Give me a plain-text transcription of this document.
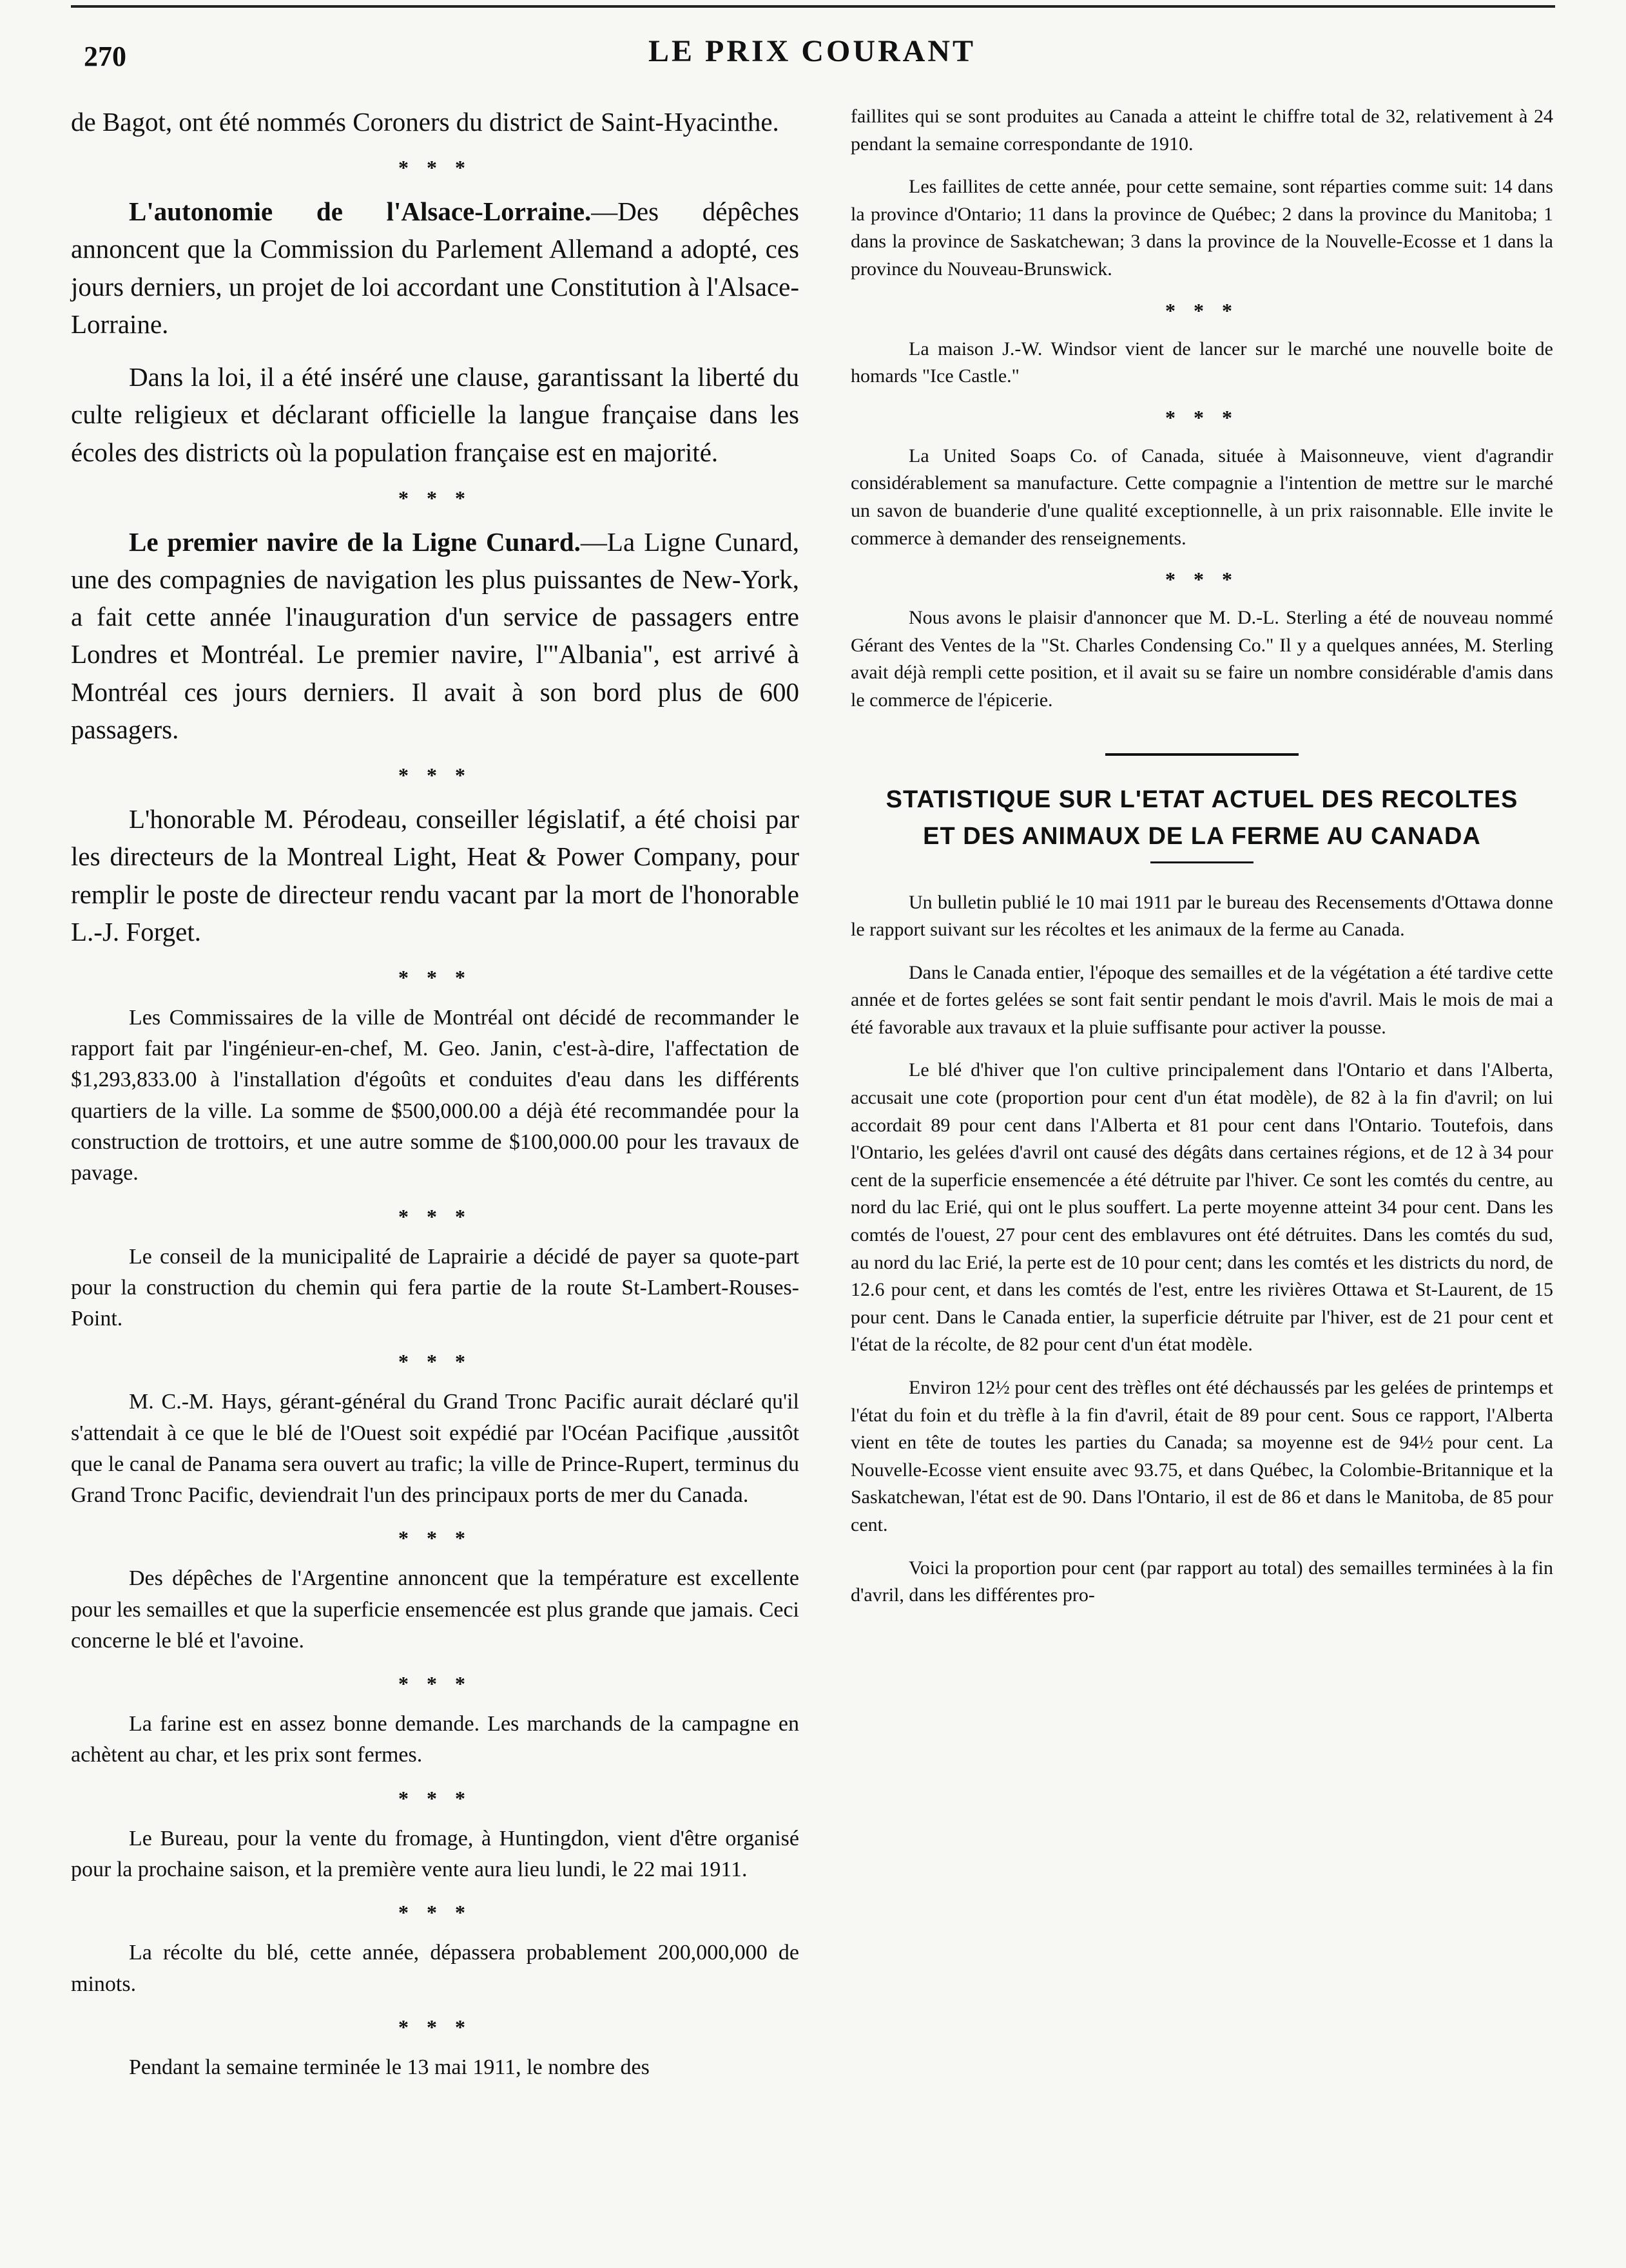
270	LE PRIX COURANT

de Bagot, ont été nommés Coroners du district de Saint-Hyacinthe.

* * *

L'autonomie de l'Alsace-Lorraine.—Des dépêches annoncent que la Commission du Parlement Allemand a adopté, ces jours derniers, un projet de loi accordant une Constitution à l'Alsace-Lorraine.

Dans la loi, il a été inséré une clause, garantissant la liberté du culte religieux et déclarant officielle la langue française dans les écoles des districts où la population française est en majorité.

* * *

Le premier navire de la Ligne Cunard.—La Ligne Cunard, une des compagnies de navigation les plus puissantes de New-York, a fait cette année l'inauguration d'un service de passagers entre Londres et Montréal. Le premier navire, l'"Albania", est arrivé à Montréal ces jours derniers. Il avait à son bord plus de 600 passagers.

* * *

L'honorable M. Pérodeau, conseiller législatif, a été choisi par les directeurs de la Montreal Light, Heat & Power Company, pour remplir le poste de directeur rendu vacant par la mort de l'honorable L.-J. Forget.

* * *

Les Commissaires de la ville de Montréal ont décidé de recommander le rapport fait par l'ingénieur-en-chef, M. Geo. Janin, c'est-à-dire, l'affectation de $1,293,833.00 à l'installation d'égoûts et conduites d'eau dans les différents quartiers de la ville. La somme de $500,000.00 a déjà été recommandée pour la construction de trottoirs, et une autre somme de $100,000.00 pour les travaux de pavage.

* * *

Le conseil de la municipalité de Laprairie a décidé de payer sa quote-part pour la construction du chemin qui fera partie de la route St-Lambert-Rouses-Point.

* * *

M. C.-M. Hays, gérant-général du Grand Tronc Pacific aurait déclaré qu'il s'attendait à ce que le blé de l'Ouest soit expédié par l'Océan Pacifique ,aussitôt que le canal de Panama sera ouvert au trafic; la ville de Prince-Rupert, terminus du Grand Tronc Pacific, deviendrait l'un des principaux ports de mer du Canada.

* * *

Des dépêches de l'Argentine annoncent que la température est excellente pour les semailles et que la superficie ensemencée est plus grande que jamais. Ceci concerne le blé et l'avoine.

* * *

La farine est en assez bonne demande. Les marchands de la campagne en achètent au char, et les prix sont fermes.

* * *

Le Bureau, pour la vente du fromage, à Huntingdon, vient d'être organisé pour la prochaine saison, et la première vente aura lieu lundi, le 22 mai 1911.

* * *

La récolte du blé, cette année, dépassera probablement 200,000,000 de minots.

* * *

Pendant la semaine terminée le 13 mai 1911, le nombre des

faillites qui se sont produites au Canada a atteint le chiffre total de 32, relativement à 24 pendant la semaine correspondante de 1910.

Les faillites de cette année, pour cette semaine, sont réparties comme suit: 14 dans la province d'Ontario; 11 dans la province de Québec; 2 dans la province du Manitoba; 1 dans la province de Saskatchewan; 3 dans la province de la Nouvelle-Ecosse et 1 dans la province du Nouveau-Brunswick.

* * *

La maison J.-W. Windsor vient de lancer sur le marché une nouvelle boite de homards "Ice Castle."

* * *

La United Soaps Co. of Canada, située à Maisonneuve, vient d'agrandir considérablement sa manufacture. Cette compagnie a l'intention de mettre sur le marché un savon de buanderie d'une qualité exceptionnelle, à un prix raisonnable. Elle invite le commerce à demander des renseignements.

* * *

Nous avons le plaisir d'annoncer que M. D.-L. Sterling a été de nouveau nommé Gérant des Ventes de la "St. Charles Condensing Co." Il y a quelques années, M. Sterling avait déjà rempli cette position, et il avait su se faire un nombre considérable d'amis dans le commerce de l'épicerie.

STATISTIQUE SUR L'ETAT ACTUEL DES RECOLTES
ET DES ANIMAUX DE LA FERME AU CANADA

Un bulletin publié le 10 mai 1911 par le bureau des Recensements d'Ottawa donne le rapport suivant sur les récoltes et les animaux de la ferme au Canada.

Dans le Canada entier, l'époque des semailles et de la végétation a été tardive cette année et de fortes gelées se sont fait sentir pendant le mois d'avril. Mais le mois de mai a été favorable aux travaux et la pluie suffisante pour activer la pousse.

Le blé d'hiver que l'on cultive principalement dans l'Ontario et dans l'Alberta, accusait une cote (proportion pour cent d'un état modèle), de 82 à la fin d'avril; on lui accordait 89 pour cent dans l'Alberta et 81 pour cent dans l'Ontario. Toutefois, dans l'Ontario, les gelées d'avril ont causé des dégâts dans certaines régions, et de 12 à 34 pour cent de la superficie ensemencée a été détruite par l'hiver. Ce sont les comtés du centre, au nord du lac Erié, qui ont le plus souffert. La perte moyenne atteint 34 pour cent. Dans les comtés de l'ouest, 27 pour cent des emblavures ont été détruites. Dans les comtés du sud, au nord du lac Erié, la perte est de 10 pour cent; dans les comtés et les districts du nord, de 12.6 pour cent, et dans les comtés de l'est, entre les rivières Ottawa et St-Laurent, de 15 pour cent. Dans le Canada entier, la superficie détruite par l'hiver, est de 21 pour cent et l'état de la récolte, de 82 pour cent d'un état modèle.

Environ 12½ pour cent des trèfles ont été déchaussés par les gelées de printemps et l'état du foin et du trèfle à la fin d'avril, était de 89 pour cent. Sous ce rapport, l'Alberta vient en tête de toutes les parties du Canada; sa moyenne est de 94½ pour cent. La Nouvelle-Ecosse vient ensuite avec 93.75, et dans Québec, la Colombie-Britannique et la Saskatchewan, l'état est de 90. Dans l'Ontario, il est de 86 et dans le Manitoba, de 85 pour cent.

Voici la proportion pour cent (par rapport au total) des semailles terminées à la fin d'avril, dans les différentes pro-
